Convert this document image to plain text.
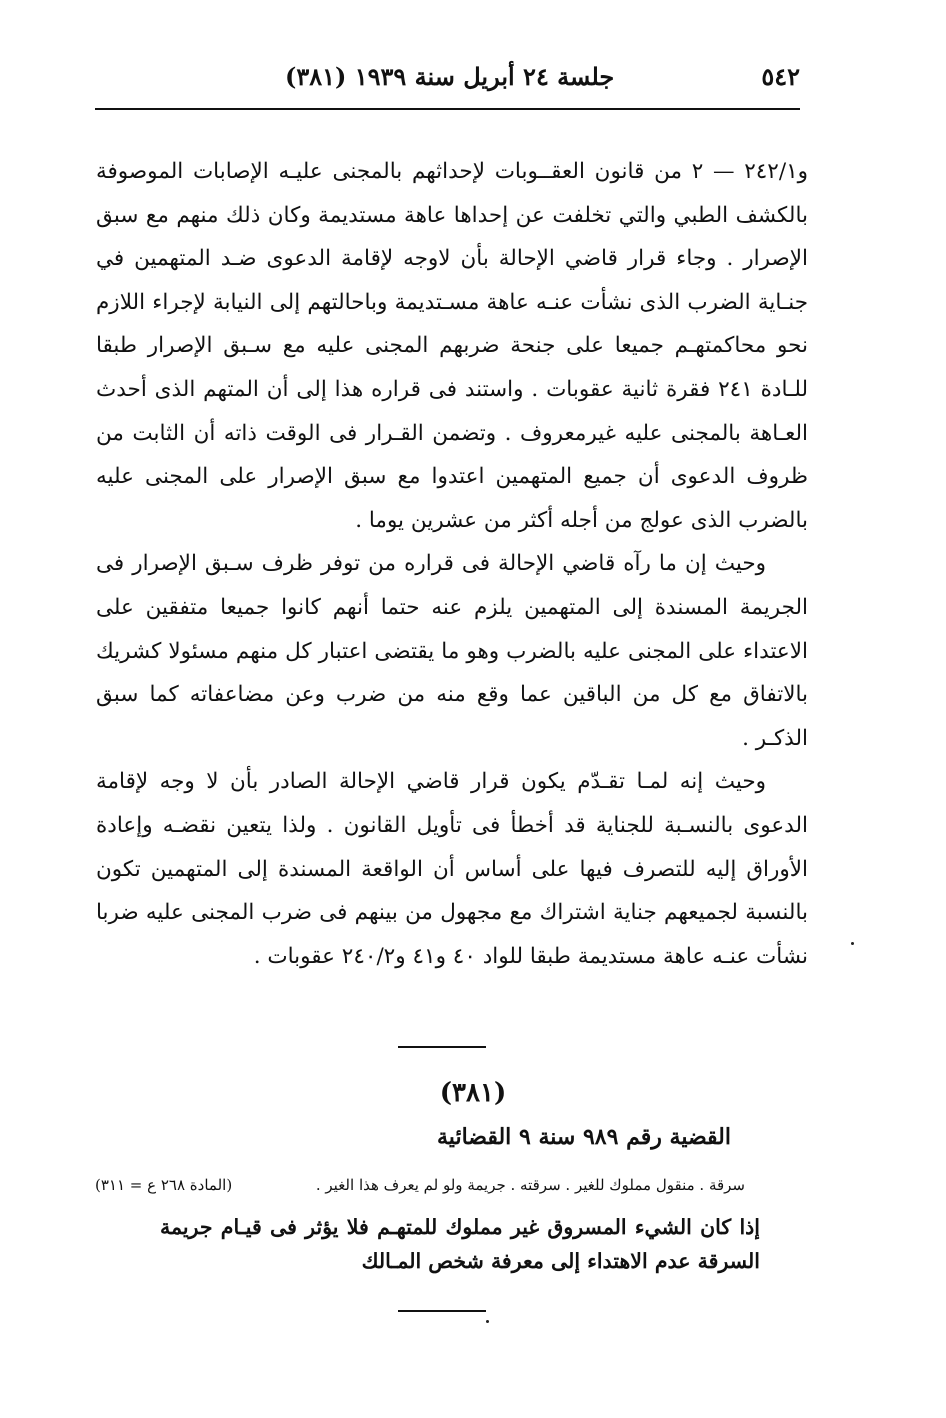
٥٤٢
جلسة ٢٤ أبريل سنة ١٩٣٩ (٣٨١)

و٢٤٢/١ — ٢ من قانون العقــوبات لإحداثهم بالمجنى عليـه الإصابات الموصوفة بالكشف الطبي والتي تخلفت عن إحداها عاهة مستديمة وكان ذلك منهم مع سبق الإصرار . وجاء قرار قاضي الإحالة بأن لاوجه لإقامة الدعوى ضـد المتهمين في جنـاية الضرب الذى نشأت عنـه عاهة مسـتديمة وباحالتهم إلى النيابة لإجراء اللازم نحو محاكمتهـم جميعا على جنحة ضربهم المجنى عليه مع سـبق الإصرار طبقا للـادة ٢٤١ فقرة ثانية عقوبات . واستند فى قراره هذا إلى أن المتهم الذى أحدث العـاهة بالمجنى عليه غيرمعروف . وتضمن القـرار فى الوقت ذاته أن الثابت من ظروف الدعوى أن جميع المتهمين اعتدوا مع سبق الإصرار على المجنى عليه بالضرب الذى عولج من أجله أكثر من عشرين يوما .

وحيث إن ما رآه قاضي الإحالة فى قراره من توفر ظرف سـبق الإصرار فى الجريمة المسندة إلى المتهمين يلزم عنه حتما أنهم كانوا جميعا متفقين على الاعتداء على المجنى عليه بالضرب وهو ما يقتضى اعتبار كل منهم مسئولا كشريك بالاتفاق مع كل من الباقين عما وقع منه من ضرب وعن مضاعفاته كما سبق الذكـر .

وحيث إنه لمـا تقـدّم يكون قرار قاضي الإحالة الصادر بأن لا وجه لإقامة الدعوى بالنسـبة للجناية قد أخطأ فى تأويل القانون . ولذا يتعين نقضـه وإعادة الأوراق إليه للتصرف فيها على أساس أن الواقعة المسندة إلى المتهمين تكون بالنسبة لجميعهم جناية اشتراك مع مجهول من بينهم فى ضرب المجنى عليه ضربا نشأت عنـه عاهة مستديمة طبقا للواد ٤٠ و٤١ و٢٤٠/٢ عقوبات .

(٣٨١)
القضية رقم ٩٨٩ سنة ٩ القضائية
سرقة . منقول مملوك للغير . سرقته . جريمة ولو لم يعرف هذا الغير .
(المادة ٢٦٨ ع = ٣١١)

إذا كان الشيء المسروق غير مملوك للمتهـم فلا يؤثر فى قيـام جريمة السرقة عدم الاهتداء إلى معرفة شخص المـالك
